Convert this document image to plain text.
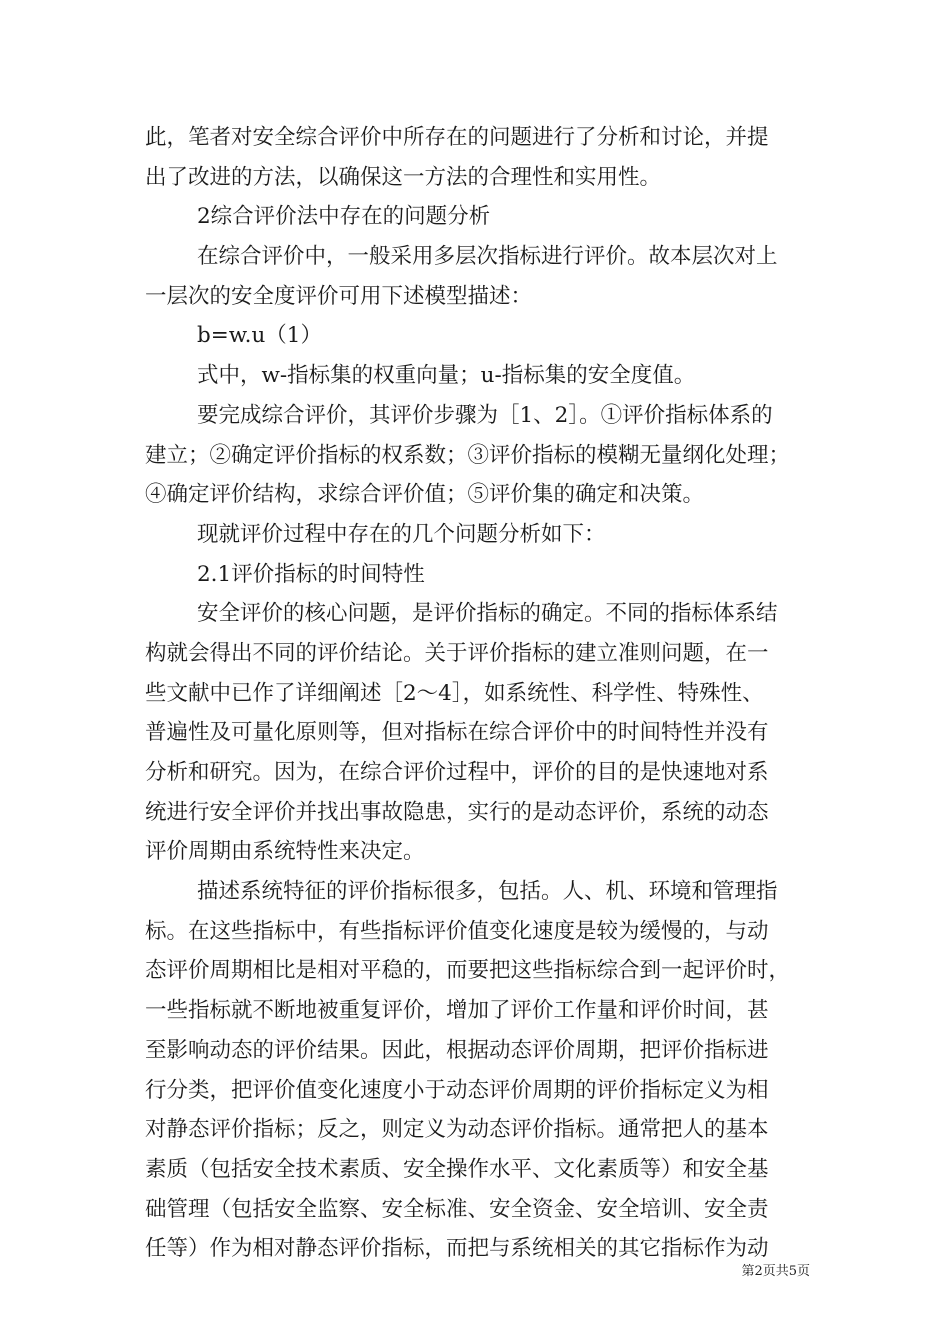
此，笔者对安全综合评价中所存在的问题进行了分析和讨论，并提
出了改进的方法，以确保这一方法的合理性和实用性。
2综合评价法中存在的问题分析
在综合评价中，一般采用多层次指标进行评价。故本层次对上
一层次的安全度评价可用下述模型描述：
b=w.u（1）
式中，w-指标集的权重向量；u-指标集的安全度值。
要完成综合评价，其评价步骤为［1、2］。①评价指标体系的
建立；②确定评价指标的权系数；③评价指标的模糊无量纲化处理；
④确定评价结构，求综合评价值；⑤评价集的确定和决策。
现就评价过程中存在的几个问题分析如下：
2.1评价指标的时间特性
安全评价的核心问题，是评价指标的确定。不同的指标体系结
构就会得出不同的评价结论。关于评价指标的建立准则问题，在一
些文献中已作了详细阐述［2～4］，如系统性、科学性、特殊性、
普遍性及可量化原则等，但对指标在综合评价中的时间特性并没有
分析和研究。因为，在综合评价过程中，评价的目的是快速地对系
统进行安全评价并找出事故隐患，实行的是动态评价，系统的动态
评价周期由系统特性来决定。
描述系统特征的评价指标很多，包括。人、机、环境和管理指
标。在这些指标中，有些指标评价值变化速度是较为缓慢的，与动
态评价周期相比是相对平稳的，而要把这些指标综合到一起评价时，
一些指标就不断地被重复评价，增加了评价工作量和评价时间，甚
至影响动态的评价结果。因此，根据动态评价周期，把评价指标进
行分类，把评价值变化速度小于动态评价周期的评价指标定义为相
对静态评价指标；反之，则定义为动态评价指标。通常把人的基本
素质（包括安全技术素质、安全操作水平、文化素质等）和安全基
础管理（包括安全监察、安全标准、安全资金、安全培训、安全责
任等）作为相对静态评价指标，而把与系统相关的其它指标作为动
第2页共5页
